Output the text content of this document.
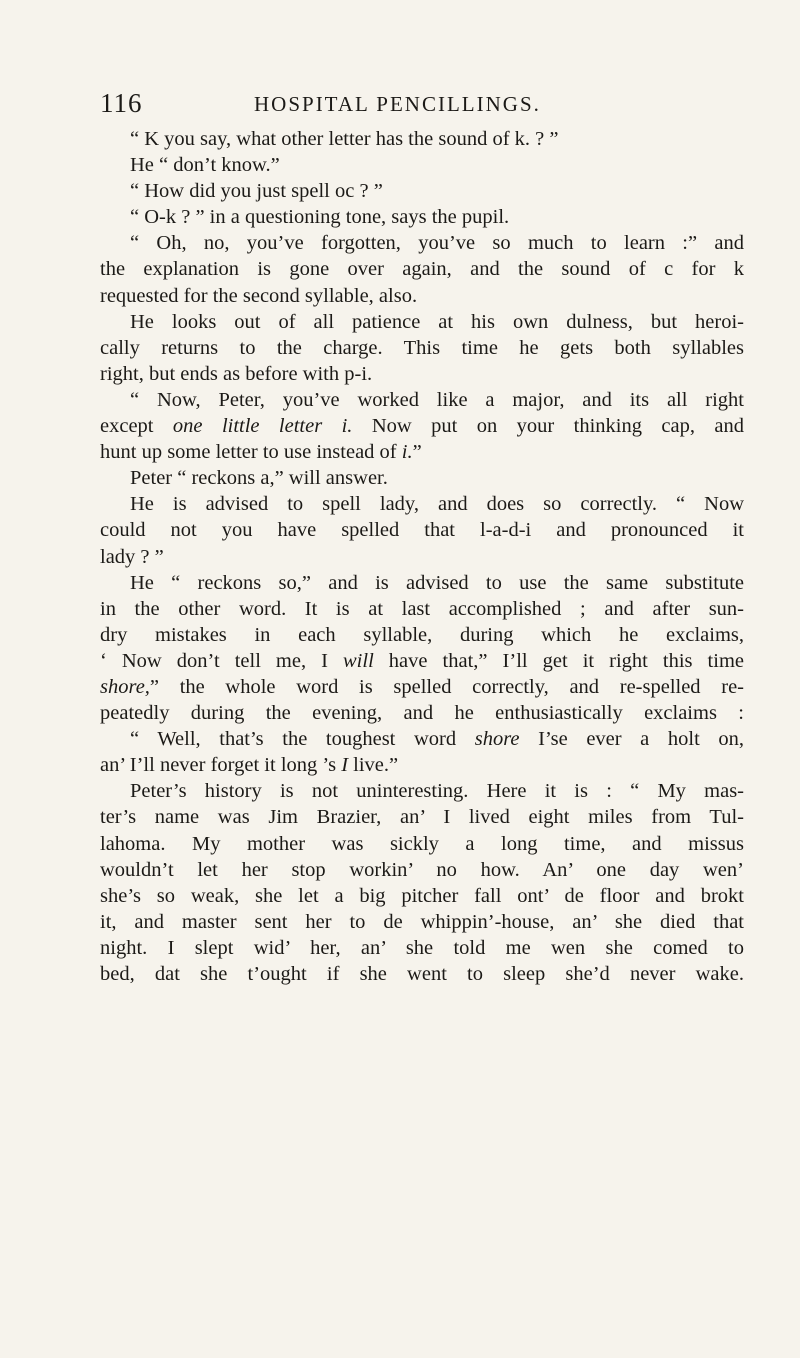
116	HOSPITAL PENCILLINGS.
“ K you say, what other letter has the sound of k. ? ”
He “ don’t know.”
“ How did you just spell oc ? ”
“ O-k ? ” in a questioning tone, says the pupil.
“ Oh, no, you’ve forgotten, you’ve so much to learn :” and
the explanation is gone over again, and the sound of c for k
requested for the second syllable, also.
He looks out of all patience at his own dulness, but heroi-
cally returns to the charge. This time he gets both syllables
right, but ends as before with p-i.
“ Now, Peter, you’ve worked like a major, and its all right
except one little letter i. Now put on your thinking cap, and
hunt up some letter to use instead of i.”
Peter “ reckons a,” will answer.
He is advised to spell lady, and does so correctly. “ Now
could not you have spelled that l-a-d-i and pronounced it
lady ? ”
He “ reckons so,” and is advised to use the same substitute
in the other word. It is at last accomplished ; and after sun-
dry mistakes in each syllable, during which he exclaims,
‘ Now don’t tell me, I will have that,” I’ll get it right this time
shore,” the whole word is spelled correctly, and re-spelled re-
peatedly during the evening, and he enthusiastically exclaims :
“ Well, that’s the toughest word shore I’se ever a holt on,
an’ I’ll never forget it long ’s I live.”
Peter’s history is not uninteresting. Here it is : “ My mas-
ter’s name was Jim Brazier, an’ I lived eight miles from Tul-
lahoma. My mother was sickly a long time, and missus
wouldn’t let her stop workin’ no how. An’ one day wen’
she’s so weak, she let a big pitcher fall ont’ de floor and brokt
it, and master sent her to de whippin’-house, an’ she died that
night. I slept wid’ her, an’ she told me wen she comed to
bed, dat she t’ought if she went to sleep she’d never wake.
